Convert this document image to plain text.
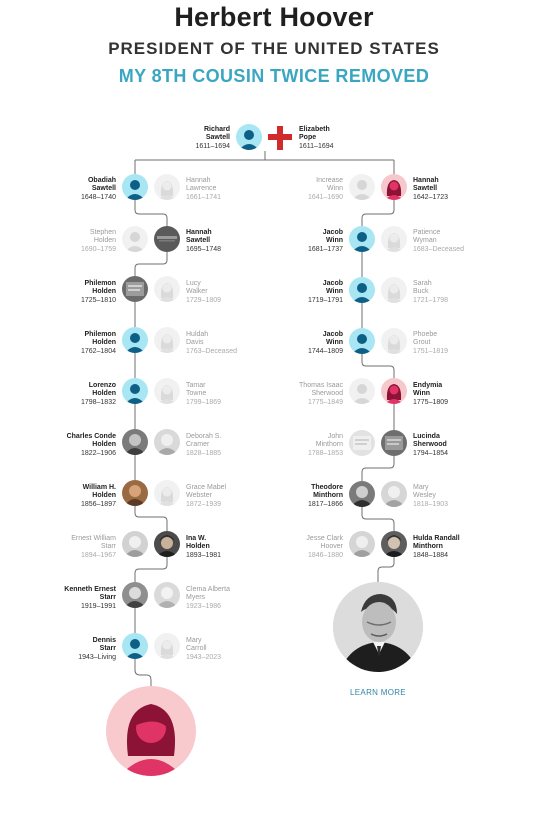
Herbert Hoover
PRESIDENT OF THE UNITED STATES
MY 8TH COUSIN TWICE REMOVED
Richard
Sawtell
1611–1694
Elizabeth
Pope
1611–1694
Obadiah
Sawtell
1648–1740
Hannah
Lawrence
1661–1741
Stephen
Holden
1690–1759
Hannah
Sawtell
1695–1748
Philemon
Holden
1725–1810
Lucy
Walker
1729–1809
Philemon
Holden
1762–1804
Huldah
Davis
1763–Deceased
Lorenzo
Holden
1798–1832
Tamar
Towne
1799–1869
Charles Conde
Holden
1822–1906
Deborah S.
Cramer
1828–1885
William H.
Holden
1856–1897
Grace Mabel
Webster
1872–1939
Ernest William
Starr
1894–1967
Ina W.
Holden
1893–1981
Kenneth Ernest
Starr
1919–1991
Clema Alberta
Myers
1923–1986
Dennis
Starr
1943–Living
Mary
Carroll
1943–2023
Increase
Winn
1641–1690
Hannah
Sawtell
1642–1723
Jacob
Winn
1681–1737
Patience
Wyman
1683–Deceased
Jacob
Winn
1719–1791
Sarah
Buck
1721–1798
Jacob
Winn
1744–1809
Phoebe
Grout
1751–1819
Thomas Isaac
Sherwood
1775–1849
Endymia
Winn
1775–1809
John
Minthorn
1788–1853
Lucinda
Sherwood
1794–1854
Theodore
Minthorn
1817–1866
Mary
Wesley
1818–1903
Jesse Clark
Hoover
1846–1880
Hulda Randall
Minthorn
1848–1884
LEARN MORE
